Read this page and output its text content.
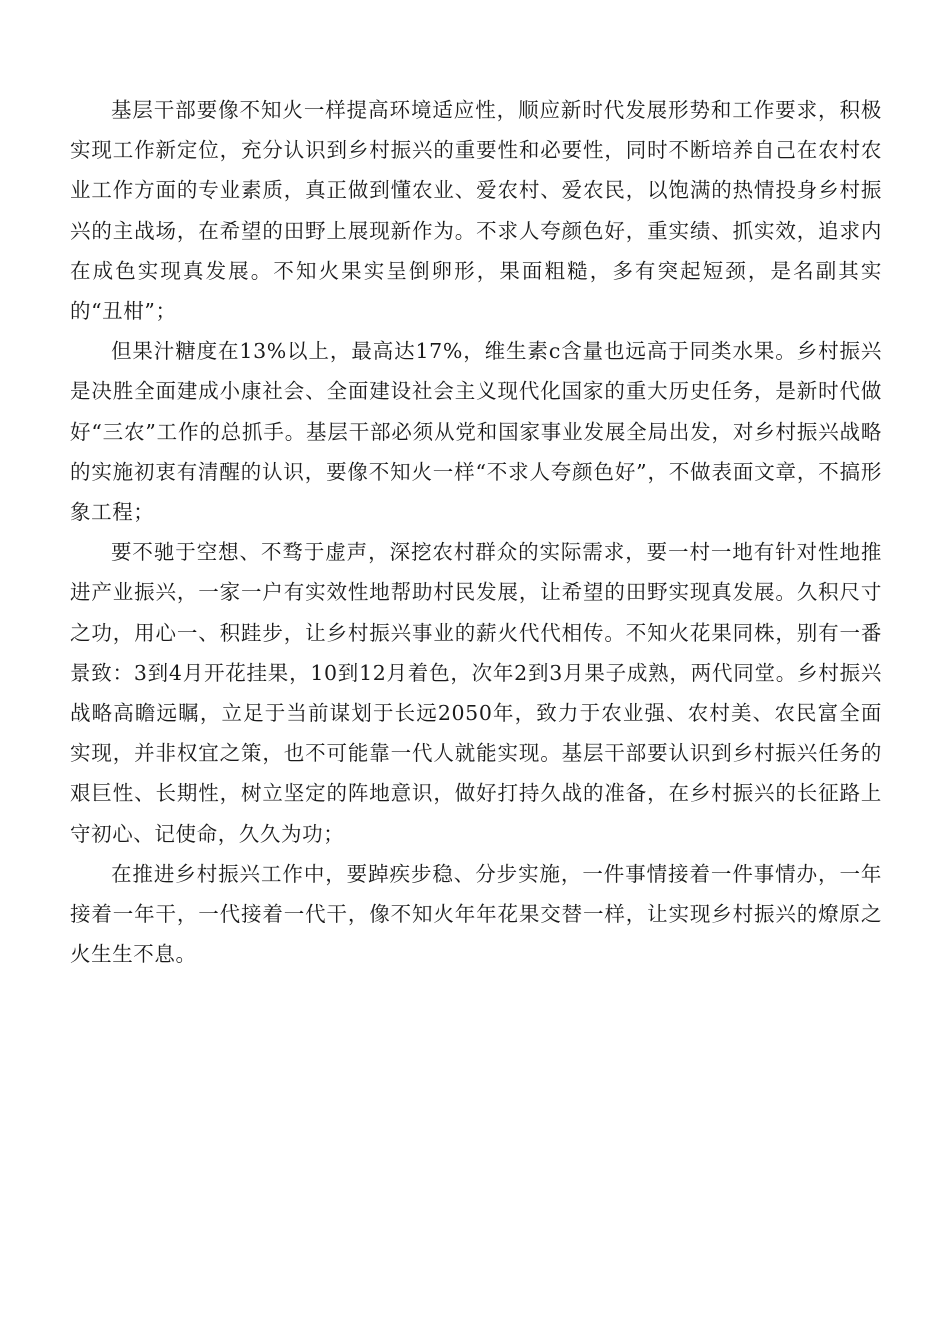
基层干部要像不知火一样提高环境适应性，顺应新时代发展形势和工作要求，积极实现工作新定位，充分认识到乡村振兴的重要性和必要性，同时不断培养自己在农村农业工作方面的专业素质，真正做到懂农业、爱农村、爱农民，以饱满的热情投身乡村振兴的主战场，在希望的田野上展现新作为。不求人夸颜色好，重实绩、抓实效，追求内在成色实现真发展。不知火果实呈倒卵形，果面粗糙，多有突起短颈，是名副其实的“丑柑”；

但果汁糖度在13%以上，最高达17%，维生素c含量也远高于同类水果。乡村振兴是决胜全面建成小康社会、全面建设社会主义现代化国家的重大历史任务，是新时代做好“三农”工作的总抓手。基层干部必须从党和国家事业发展全局出发，对乡村振兴战略的实施初衷有清醒的认识，要像不知火一样“不求人夸颜色好”，不做表面文章，不搞形象工程；

要不驰于空想、不骛于虚声，深挖农村群众的实际需求，要一村一地有针对性地推进产业振兴，一家一户有实效性地帮助村民发展，让希望的田野实现真发展。久积尺寸之功，用心一、积跬步，让乡村振兴事业的薪火代代相传。不知火花果同株，别有一番景致：3到4月开花挂果，10到12月着色，次年2到3月果子成熟，两代同堂。乡村振兴战略高瞻远瞩，立足于当前谋划于长远2050年，致力于农业强、农村美、农民富全面实现，并非权宜之策，也不可能靠一代人就能实现。基层干部要认识到乡村振兴任务的艰巨性、长期性，树立坚定的阵地意识，做好打持久战的准备，在乡村振兴的长征路上守初心、记使命，久久为功；

在推进乡村振兴工作中，要踔疾步稳、分步实施，一件事情接着一件事情办，一年接着一年干，一代接着一代干，像不知火年年花果交替一样，让实现乡村振兴的燎原之火生生不息。
